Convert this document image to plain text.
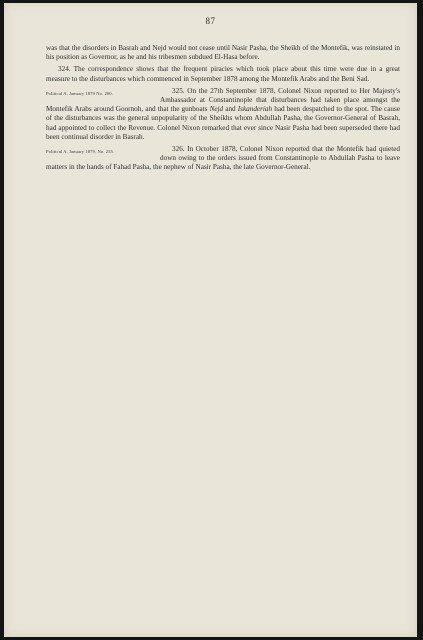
87

was that the disorders in Basrah and Nejd would not cease until Nasir Pasha, the Sheikh of the Montefik, was reinstated in his position as Governor, as he and his tribesmen subdued El-Hasa before.

324. The correspondence shows that the frequent piracies which took place about this time were due in a great measure to the disturbances which commenced in September 1878 among the Montefik Arabs and the Beni Sad.

Political A, January 1879 No. 200.	325. On the 27th September 1878, Colonel Nixon reported to Her Majesty's Ambassador at Constantinople that disturbances had taken place amongst the Montefik Arabs around Goornoh, and that the gunboats Nejd and Iskanderiah had been despatched to the spot. The cause of the disturbances was the general unpopularity of the Sheikhs whom Abdullah Pasha, the Governor-General of Basrah, had appointed to collect the Revenue. Colonel Nixon remarked that ever since Nasir Pasha had been superseded there had been continual disorder in Basrah.

Political A, January 1879, No. 255.	326. In October 1878, Colonel Nixon reported that the Montefik had quieted down owing to the orders issued from Constantinople to Abdullah Pasha to leave matters in the hands of Fahad Pasha, the nephew of Nasir Pasha, the late Governor-General.
